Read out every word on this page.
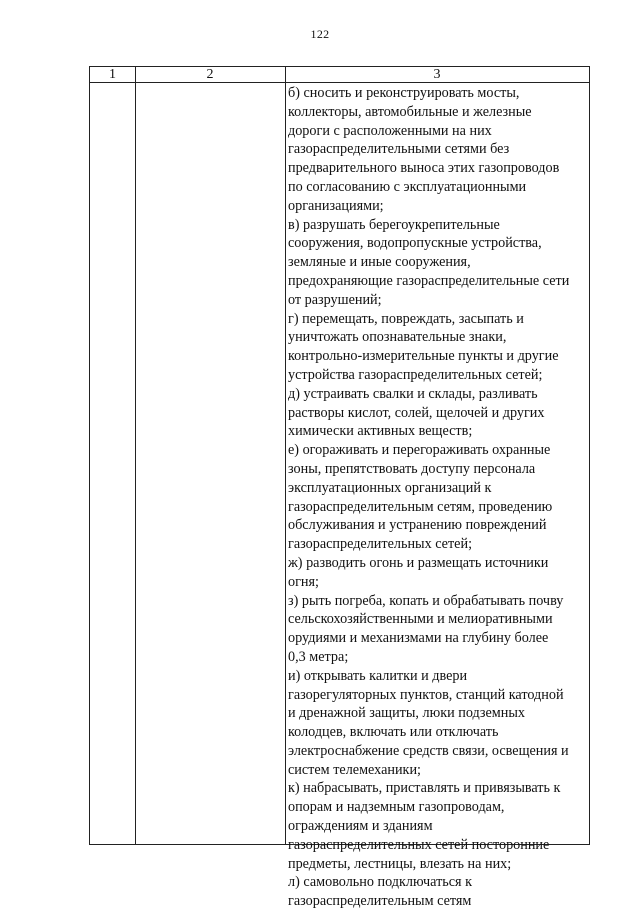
122
1	2	3
б) сносить и реконструировать мосты,
коллекторы, автомобильные и железные
дороги с расположенными на них
газораспределительными сетями без
предварительного выноса этих газопроводов
по согласованию с эксплуатационными
организациями;
в) разрушать берегоукрепительные
сооружения, водопропускные устройства,
земляные и иные сооружения,
предохраняющие газораспределительные сети
от разрушений;
г) перемещать, повреждать, засыпать и
уничтожать опознавательные знаки,
контрольно-измерительные пункты и другие
устройства газораспределительных сетей;
д) устраивать свалки и склады, разливать
растворы кислот, солей, щелочей и других
химически активных веществ;
е) огораживать и перегораживать охранные
зоны, препятствовать доступу персонала
эксплуатационных организаций к
газораспределительным сетям, проведению
обслуживания и устранению повреждений
газораспределительных сетей;
ж) разводить огонь и размещать источники
огня;
з) рыть погреба, копать и обрабатывать почву
сельскохозяйственными и мелиоративными
орудиями и механизмами на глубину более
0,3 метра;
и) открывать калитки и двери
газорегуляторных пунктов, станций катодной
и дренажной защиты, люки подземных
колодцев, включать или отключать
электроснабжение средств связи, освещения и
систем телемеханики;
к) набрасывать, приставлять и привязывать к
опорам и надземным газопроводам,
ограждениям и зданиям
газораспределительных сетей посторонние
предметы, лестницы, влезать на них;
л) самовольно подключаться к
газораспределительным сетям
